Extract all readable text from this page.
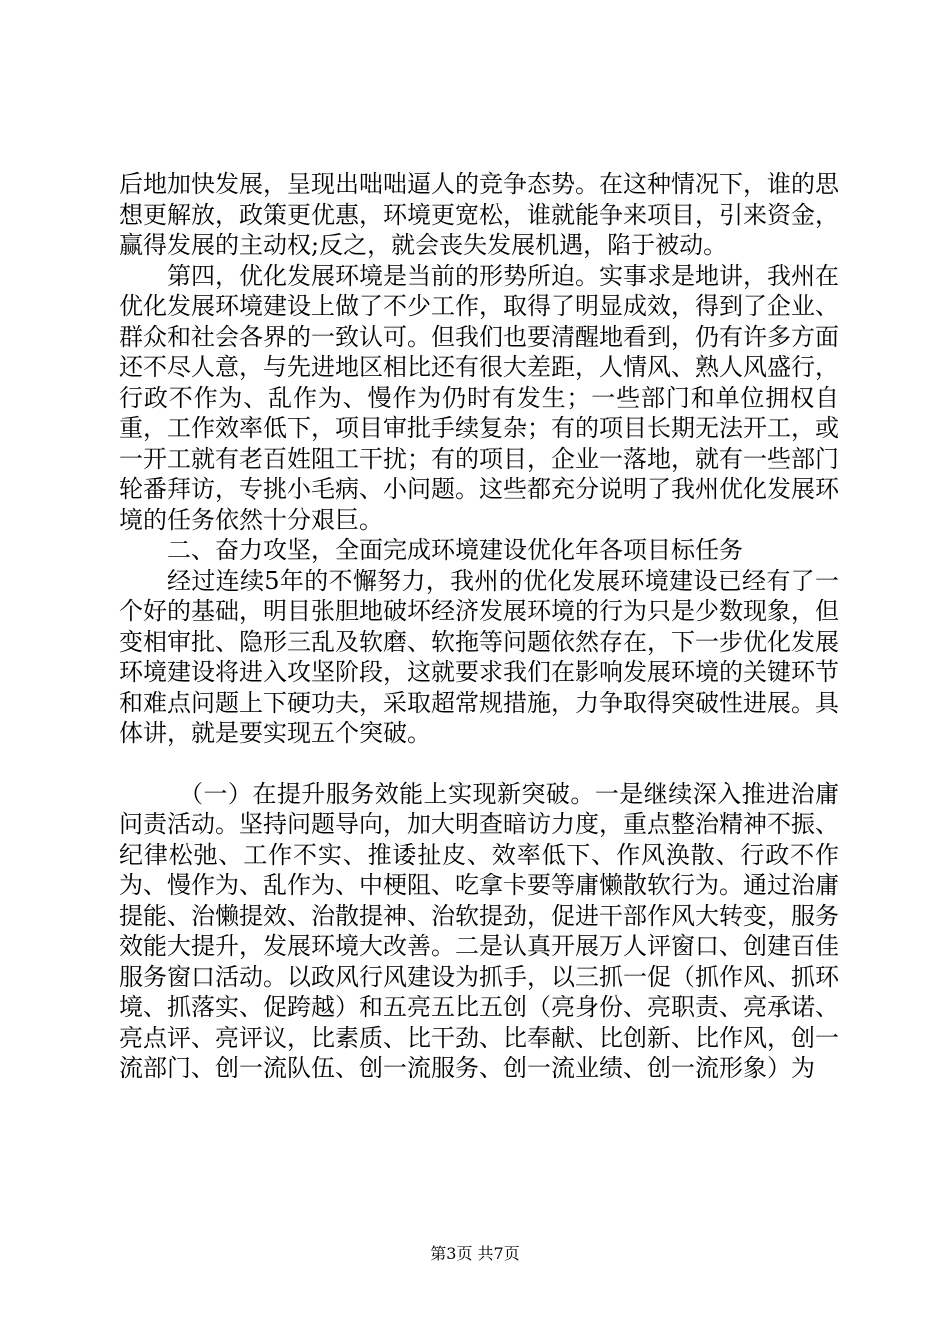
后地加快发展，呈现出咄咄逼人的竞争态势。在这种情况下，谁的思想更解放，政策更优惠，环境更宽松，谁就能争来项目，引来资金，赢得发展的主动权;反之，就会丧失发展机遇，陷于被动。

第四，优化发展环境是当前的形势所迫。实事求是地讲，我州在优化发展环境建设上做了不少工作，取得了明显成效，得到了企业、群众和社会各界的一致认可。但我们也要清醒地看到，仍有许多方面还不尽人意，与先进地区相比还有很大差距，人情风、熟人风盛行，行政不作为、乱作为、慢作为仍时有发生；一些部门和单位拥权自重，工作效率低下，项目审批手续复杂；有的项目长期无法开工，或一开工就有老百姓阻工干扰；有的项目，企业一落地，就有一些部门轮番拜访，专挑小毛病、小问题。这些都充分说明了我州优化发展环境的任务依然十分艰巨。

二、奋力攻坚，全面完成环境建设优化年各项目标任务

经过连续5年的不懈努力，我州的优化发展环境建设已经有了一个好的基础，明目张胆地破坏经济发展环境的行为只是少数现象，但变相审批、隐形三乱及软磨、软拖等问题依然存在，下一步优化发展环境建设将进入攻坚阶段，这就要求我们在影响发展环境的关键环节和难点问题上下硬功夫，采取超常规措施，力争取得突破性进展。具体讲，就是要实现五个突破。

（一）在提升服务效能上实现新突破。一是继续深入推进治庸问责活动。坚持问题导向，加大明查暗访力度，重点整治精神不振、纪律松弛、工作不实、推诿扯皮、效率低下、作风涣散、行政不作为、慢作为、乱作为、中梗阻、吃拿卡要等庸懒散软行为。通过治庸提能、治懒提效、治散提神、治软提劲，促进干部作风大转变，服务效能大提升，发展环境大改善。二是认真开展万人评窗口、创建百佳服务窗口活动。以政风行风建设为抓手，以三抓一促（抓作风、抓环境、抓落实、促跨越）和五亮五比五创（亮身份、亮职责、亮承诺、亮点评、亮评议，比素质、比干劲、比奉献、比创新、比作风，创一流部门、创一流队伍、创一流服务、创一流业绩、创一流形象）为

第3页 共7页
